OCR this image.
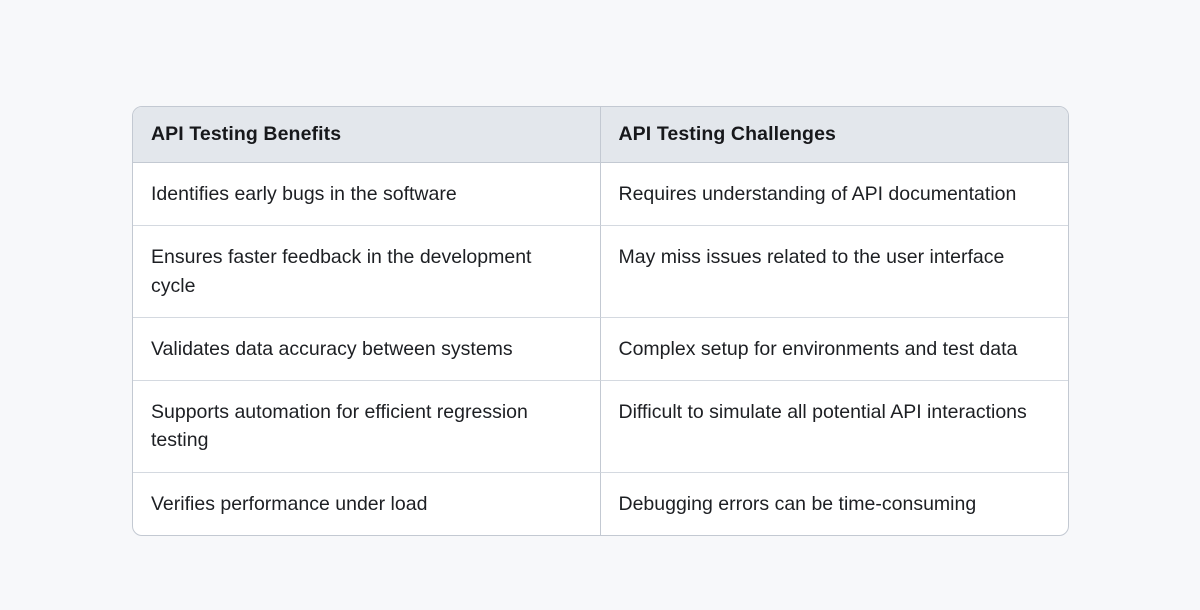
API Testing Benefits	API Testing Challenges
Identifies early bugs in the software	Requires understanding of API documentation
Ensures faster feedback in the development cycle	May miss issues related to the user interface
Validates data accuracy between systems	Complex setup for environments and test data
Supports automation for efficient regression testing	Difficult to simulate all potential API interactions
Verifies performance under load	Debugging errors can be time-consuming
